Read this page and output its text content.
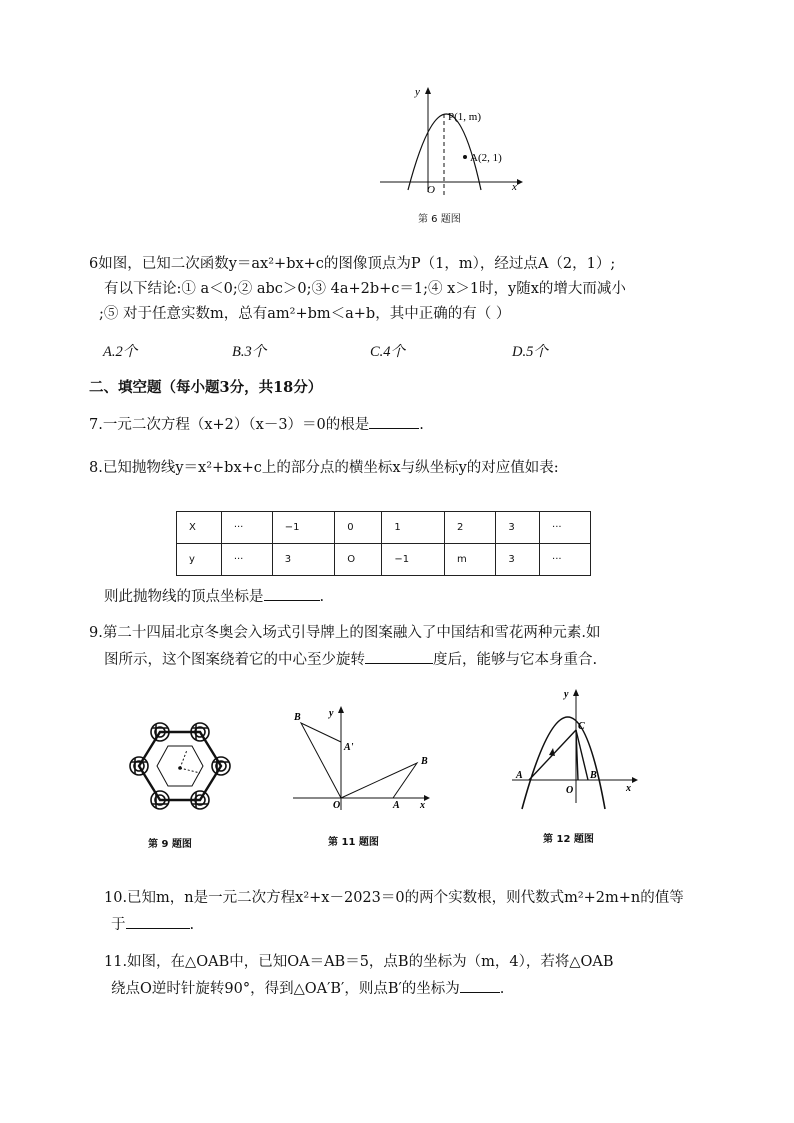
y
P(1, m)
A(2, 1)
O	x
第 6 题图
6如图，已知二次函数y＝ax²+bx+c的图像顶点为P（1，m），经过点A（2，1）;
有以下结论:① a＜0;② abc＞0;③ 4a+2b+c＝1;④ x＞1时，y随x的增大而减小
;⑤ 对于任意实数m，总有am²+bm＜a+b，其中正确的有（ ）
A.2个	B.3个	C.4个	D.5个
二、填空题（每小题3分，共18分）
7.一元二次方程（x+2）（x－3）＝0的根是	.
8.已知抛物线y＝x²+bx+c上的部分点的横坐标x与纵坐标y的对应值如表:
X	···	−1	0	1	2	3	···
y	···	3	O	−1	m	3	···
则此抛物线的顶点坐标是	.
9.第二十四届北京冬奥会入场式引导牌上的图案融入了中国结和雪花两种元素.如
图所示，这个图案绕着它的中心至少旋转	度后，能够与它本身重合.
第 9 题图
B
B
A'
A
O	x
y
第 11 题图
y
C
A	B
O	x
第 12 题图
10.已知m，n是一元二次方程x²+x－2023＝0的两个实数根，则代数式m²+2m+n的值等
于	.
11.如图，在△OAB中，已知OA＝AB＝5，点B的坐标为（m，4），若将△OAB
绕点O逆时针旋转90°，得到△OA′B′，则点B′的坐标为	.
